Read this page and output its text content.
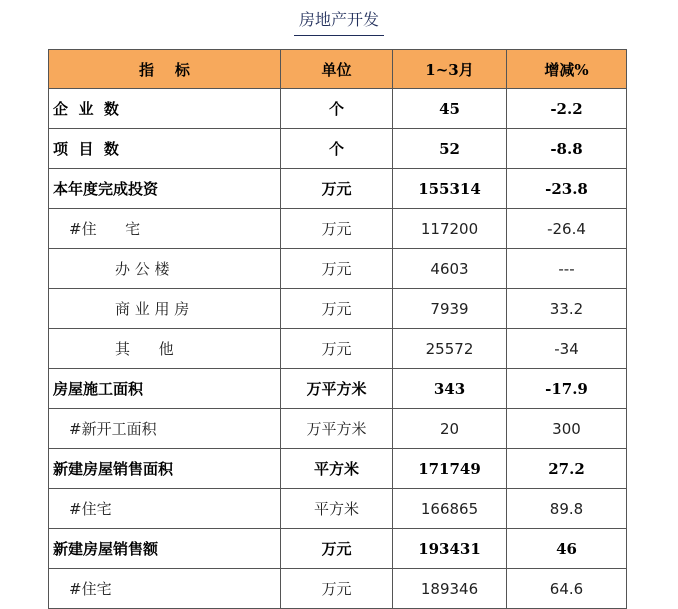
房地产开发
指    标	单位	1~3月	增减%
企  业  数	个	45	-2.2
项  目  数	个	52	-8.8
本年度完成投资	万元	155314	-23.8
#住      宅	万元	117200	-26.4
办 公 楼	万元	4603	---
商 业 用 房	万元	7939	33.2
其      他	万元	25572	-34
房屋施工面积	万平方米	343	-17.9
#新开工面积	万平方米	20	300
新建房屋销售面积	平方米	171749	27.2
#住宅	平方米	166865	89.8
新建房屋销售额	万元	193431	46
#住宅	万元	189346	64.6
